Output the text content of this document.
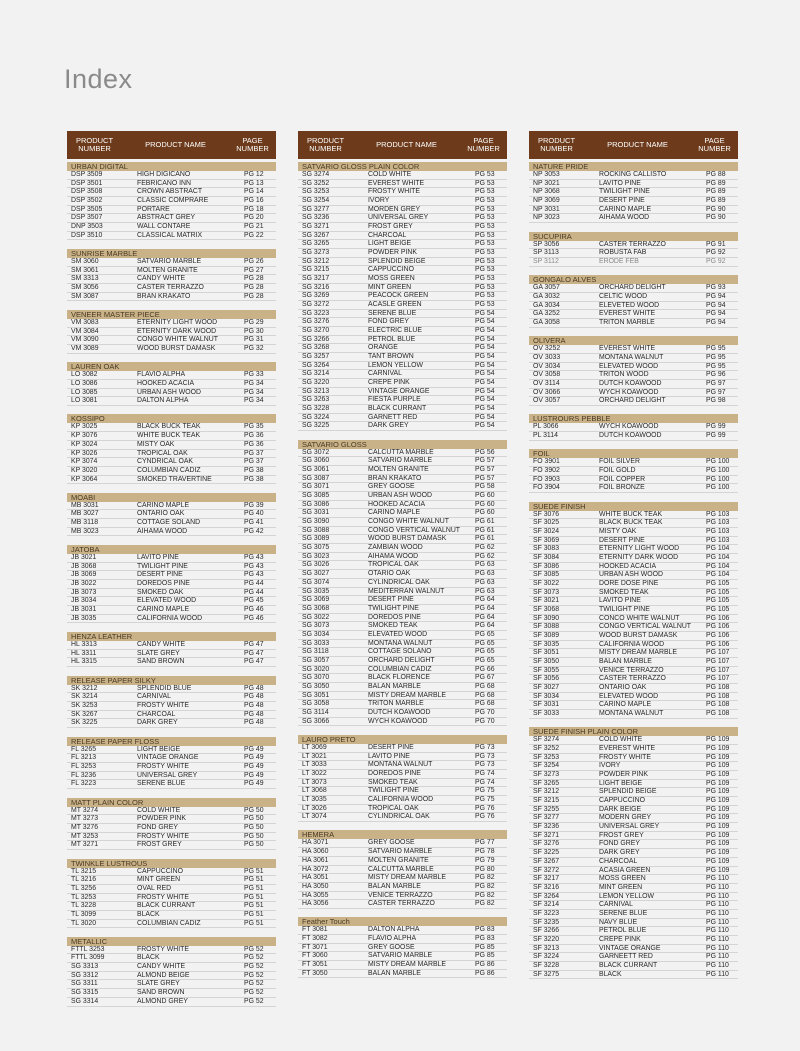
Index
PRODUCT NUMBER	PRODUCT NAME	PAGE NUMBER
URBAN DIGITAL
DSP 3509	HIGH DIGICANO	PG 12
DSP 3501	FEBRICANO INN	PG 13
DSP 3508	CROWN ABSTRACT	PG 14
DSP 3502	CLASSIC COMPRARE	PG 16
DSP 3505	PORTARE	PG 18
DSP 3507	ABSTRACT GREY	PG 20
DNP 3503	WALL CONTARE	PG 21
DSP 3510	CLASSICAL MATRIX	PG 22
SUNRISE MARBLE
SM 3060	SATVARIO MARBLE	PG 26
SM 3061	MOLTEN GRANITE	PG 27
SM 3313	CANDY WHITE	PG 28
SM 3056	CASTER TERRAZZO	PG 28
SM 3087	BRAN KRAKATO	PG 28
VENEER MASTER PIECE
VM 3083	ETERNITY LIGHT WOOD	PG 29
VM 3084	ETERNITY DARK WOOD	PG 30
VM 3090	CONGO WHITE WALNUT	PG 31
VM 3089	WOOD BURST DAMASK	PG 32
LAUREN OAK
LO 3082	FLAVIO ALPHA	PG 33
LO 3086	HOOKED ACACIA	PG 34
LO 3085	URBAN ASH WOOD	PG 34
LO 3081	DALTON ALPHA	PG 34
KOSSIPO
KP 3025	BLACK BUCK TEAK	PG 35
KP 3076	WHITE BUCK TEAK	PG 36
KP 3024	MISTY OAK	PG 36
KP 3026	TROPICAL OAK	PG 37
KP 3074	CYNDRICAL OAK	PG 37
KP 3020	COLUMBIAN CADIZ	PG 38
KP 3064	SMOKED TRAVERTINE	PG 38
MOABI
MB 3031	CARINO MAPLE	PG 39
MB 3027	ONTARIO OAK	PG 40
MB 3118	COTTAGE SOLAND	PG 41
MB 3023	AIHAMA WOOD	PG 42
JATOBA
JB 3021	LAVITO PINE	PG 43
JB 3068	TWILIGHT PINE	PG 43
JB 3069	DESERT PINE	PG 43
JB 3022	DOREDOS PINE	PG 44
JB 3073	SMOKED OAK	PG 44
JB 3034	ELEVATED WOOD	PG 45
JB 3031	CARINO MAPLE	PG 46
JB 3035	CALIFORNIA WOOD	PG 46
HENZA LEATHER
HL 3313	CANDY WHITE	PG 47
HL 3311	SLATE GREY	PG 47
HL 3315	SAND BROWN	PG 47
RELEASE PAPER SILKY
SK 3212	SPLENDID BLUE	PG 48
SK 3214	CARNIVAL	PG 48
SK 3253	FROSTY WHITE	PG 48
SK 3267	CHARCOAL	PG 48
SK 3225	DARK GREY	PG 48
RELEASE PAPER FLOSS
FL 3265	LIGHT BEIGE	PG 49
FL 3213	VINTAGE ORANGE	PG 49
FL 3253	FROSTY WHITE	PG 49
FL 3236	UNIVERSAL GREY	PG 49
FL 3223	SERENE BLUE	PG 49
MATT PLAIN COLOR
MT 3274	COLD WHITE	PG 50
MT 3273	POWDER PINK	PG 50
MT 3276	FOND GREY	PG 50
MT 3253	FROSTY WHITE	PG 50
MT 3271	FROST GREY	PG 50
TWINKLE LUSTROUS
TL 3215	CAPPUCCINO	PG 51
TL 3216	MINT GREEN	PG 51
TL 3256	OVAL RED	PG 51
TL 3253	FROSTY WHITE	PG 51
TL 3228	BLACK CURRANT	PG 51
TL 3099	BLACK	PG 51
TL 3020	COLUMBIAN CADIZ	PG 51
METALLIC
FTTL 3253	FROSTY WHITE	PG 52
FTTL 3099	BLACK	PG 52
SG 3313	CANDY WHITE	PG 52
SG 3312	ALMOND BEIGE	PG 52
SG 3311	SLATE GREY	PG 52
SG 3315	SAND BROWN	PG 52
SG 3314	ALMOND GREY	PG 52
PRODUCT NUMBER	PRODUCT NAME	PAGE NUMBER
SATVARIO GLOSS PLAIN COLOR
SG 3274	COLD WHITE	PG 53
SG 3252	EVEREST WHITE	PG 53
SG 3253	FROSTY WHITE	PG 53
SG 3254	IVORY	PG 53
SG 3277	MORDEN GREY	PG 53
SG 3236	UNIVERSAL GREY	PG 53
SG 3271	FROST GREY	PG 53
SG 3267	CHARCOAL	PG 53
SG 3265	LIGHT BEIGE	PG 53
SG 3273	POWDER PINK	PG 53
SG 3212	SPLENDID BEIGE	PG 53
SG 3215	CAPPUCCINO	PG 53
SG 3217	MOSS GREEN	PG 53
SG 3216	MINT GREEN	PG 53
SG 3269	PEACOCK GREEN	PG 53
SG 3272	ACASLE GREEN	PG 53
SG 3223	SERENE BLUE	PG 54
SG 3276	FOND GREY	PG 54
SG 3270	ELECTRIC BLUE	PG 54
SG 3266	PETROL BLUE	PG 54
SG 3268	ORANGE	PG 54
SG 3257	TANT BROWN	PG 54
SG 3264	LEMON YELLOW	PG 54
SG 3214	CARNIVAL	PG 54
SG 3220	CREPE PINK	PG 54
SG 3213	VINTAGE ORANGE	PG 54
SG 3263	FIESTA PURPLE	PG 54
SG 3228	BLACK CURRANT	PG 54
SG 3224	GARNETT RED	PG 54
SG 3225	DARK GREY	PG 54
SATVARIO GLOSS
SG 3072	CALCUTTA MARBLE	PG 56
SG 3060	SATVARIO MARBLE	PG 57
SG 3061	MOLTEN GRANITE	PG 57
SG 3087	BRAN KRAKATO	PG 57
SG 3071	GREY GOOSE	PG 58
SG 3085	URBAN ASH WOOD	PG 60
SG 3086	HOOKED ACACIA	PG 60
SG 3031	CARINO MAPLE	PG 60
SG 3090	CONGO WHITE WALNUT	PG 61
SG 3088	CONGO VERTICAL WALNUT	PG 61
SG 3089	WOOD BURST DAMASK	PG 61
SG 3075	ZAMBIAN WOOD	PG 62
SG 3023	AIHAMA WOOD	PG 62
SG 3026	TROPICAL OAK	PG 63
SG 3027	OTARIO OAK	PG 63
SG 3074	CYLINDRICAL OAK	PG 63
SG 3035	MEDITERRAN WALNUT	PG 63
SG 3069	DESERT PINE	PG 64
SG 3068	TWILIGHT PINE	PG 64
SG 3022	DOREDOS PINE	PG 64
SG 3073	SMOKED TEAK	PG 64
SG 3034	ELEVATED WOOD	PG 65
SG 3033	MONTANA WALNUT	PG 65
SG 3118	COTTAGE SOLANO	PG 65
SG 3057	ORCHARD DELIGHT	PG 65
SG 3020	COLUMBIAN CADIZ	PG 66
SG 3070	BLACK FLORENCE	PG 67
SG 3050	BALAN MARBLE	PG 68
SG 3051	MISTY DREAM MARBLE	PG 68
SG 3058	TRITON MARBLE	PG 68
SG 3114	DUTCH KOAWOOD	PG 70
SG 3066	WYCH KOAWOOD	PG 70
LAURO PRETO
LT 3069	DESERT PINE	PG 73
LT 3021	LAVITO PINE	PG 73
LT 3033	MONTANA WALNUT	PG 73
LT 3022	DOREDOS PINE	PG 74
LT 3073	SMOKED TEAK	PG 74
LT 3068	TWILIGHT PINE	PG 75
LT 3035	CALIFORNIA WOOD	PG 75
LT 3026	TROPICAL OAK	PG 76
LT 3074	CYLINDRICAL OAK	PG 76
HEMERA
HA 3071	GREY GOOSE	PG 77
HA 3060	SATVARIO MARBLE	PG 78
HA 3061	MOLTEN GRANITE	PG 79
HA 3072	CALCUTTA MARBLE	PG 80
HA 3051	MISTY DREAM MARBLE	PG 82
HA 3050	BALAN MARBLE	PG 82
HA 3055	VENICE TERRAZZO	PG 82
HA 3056	CASTER TERRAZZO	PG 82
Feather Touch
FT 3081	DALTON ALPHA	PG 83
FT 3082	FLAVIO ALPHA	PG 83
FT 3071	GREY GOOSE	PG 85
FT 3060	SATVARIO MARBLE	PG 85
FT 3051	MISTY DREAM MARBLE	PG 86
FT 3050	BALAN MARBLE	PG 86
PRODUCT NUMBER	PRODUCT NAME	PAGE NUMBER
NATURE PRIDE
NP 3053	ROCKING CALLISTO	PG 88
NP 3021	LAVITO PINE	PG 89
NP 3068	TWILIGHT PINE	PG 89
NP 3069	DESERT PINE	PG 89
NP 3031	CARINO MAPLE	PG 90
NP 3023	AIHAMA WOOD	PG 90
SUCUPIRA
SP 3056	CASTER TERRAZZO	PG 91
SP 3113	ROBUSTA FAB	PG 92
SP 3112	ERODE FEB	PG 92
GONGALO ALVES
GA 3057	ORCHARD DELIGHT	PG 93
GA 3032	CELTIC WOOD	PG 94
GA 3034	ELEVETED WOOD	PG 94
GA 3252	EVEREST WHITE	PG 94
GA 3058	TRITON MARBLE	PG 94
OLIVERA
OV 3252	EVEREST WHITE	PG 95
OV 3033	MONTANA WALNUT	PG 95
OV 3034	ELEVATED WOOD	PG 95
OV 3058	TRITON WOOD	PG 96
OV 3114	DUTCH KOAWOOD	PG 97
OV 3066	WYCH KOAWOOD	PG 97
OV 3057	ORCHARD DELIGHT	PG 98
LUSTROURS PEBBLE
PL 3066	WYCH KOAWOOD	PG 99
PL 3114	DUTCH KOAWOOD	PG 99
FOIL
FO 3901	FOIL SILVER	PG 100
FO 3902	FOIL GOLD	PG 100
FO 3903	FOIL COPPER	PG 100
FO 3904	FOIL BRONZE	PG 100
SUEDE FINISH
SF 3076	WHITE BUCK TEAK	PG 103
SF 3025	BLACK BUCK TEAK	PG 103
SF 3024	MISTY OAK	PG 103
SF 3069	DESERT PINE	PG 103
SF 3083	ETERNITY LIGHT WOOD	PG 104
SF 3084	ETERNITY DARK WOOD	PG 104
SF 3086	HOOKED ACACIA	PG 104
SF 3085	URBAN ASH WOOD	PG 104
SF 3022	DORE DOSE PINE	PG 105
SF 3073	SMOKED TEAK	PG 105
SF 3021	LAVITO PINE	PG 105
SF 3068	TWILIGHT PINE	PG 105
SF 3090	CONCO WHITE WALNUT	PG 106
SF 3088	CONGO VERTICAL WALNUT	PG 106
SF 3089	WOOD BURST DAMASK	PG 106
SF 3035	CALIFORNIA WOOD	PG 106
SF 3051	MISTY DREAM MARBLE	PG 107
SF 3050	BALAN MARBLE	PG 107
SF 3055	VENICE TERRAZZO	PG 107
SF 3056	CASTER TERRAZZO	PG 107
SF 3027	ONTARIO OAK	PG 108
SF 3034	ELEVATED WOOD	PG 108
SF 3031	CARINO MAPLE	PG 108
SF 3033	MONTANA WALNUT	PG 108
SUEDE FINISH PLAIN COLOR
SF 3274	COLD WHITE	PG 109
SF 3252	EVEREST WHITE	PG 109
SF 3253	FROSTY WHITE	PG 109
SF 3254	IVORY	PG 109
SF 3273	POWDER PINK	PG 109
SF 3265	LIGHT BEIGE	PG 109
SF 3212	SPLENDID BEIGE	PG 109
SF 3215	CAPPUCCINO	PG 109
SF 3255	DARK BEIGE	PG 109
SF 3277	MODERN GREY	PG 109
SF 3236	UNIVERSAL GREY	PG 109
SF 3271	FROST GREY	PG 109
SF 3276	FOND GREY	PG 109
SF 3225	DARK GREY	PG 109
SF 3267	CHARCOAL	PG 109
SF 3272	ACASIA GREEN	PG 109
SF 3217	MOSS GREEN	PG 110
SF 3216	MINT GREEN	PG 110
SF 3264	LEMON YELLOW	PG 110
SF 3214	CARNIVAL	PG 110
SF 3223	SERENE BLUE	PG 110
SF 3235	NAVY BLUE	PG 110
SF 3266	PETROL BLUE	PG 110
SF 3220	CREPE PINK	PG 110
SF 3213	VINTAGE ORANGE	PG 110
SF 3224	GARNEETT RED	PG 110
SF 3228	BLACK CURRANT	PG 110
SF 3275	BLACK	PG 110
